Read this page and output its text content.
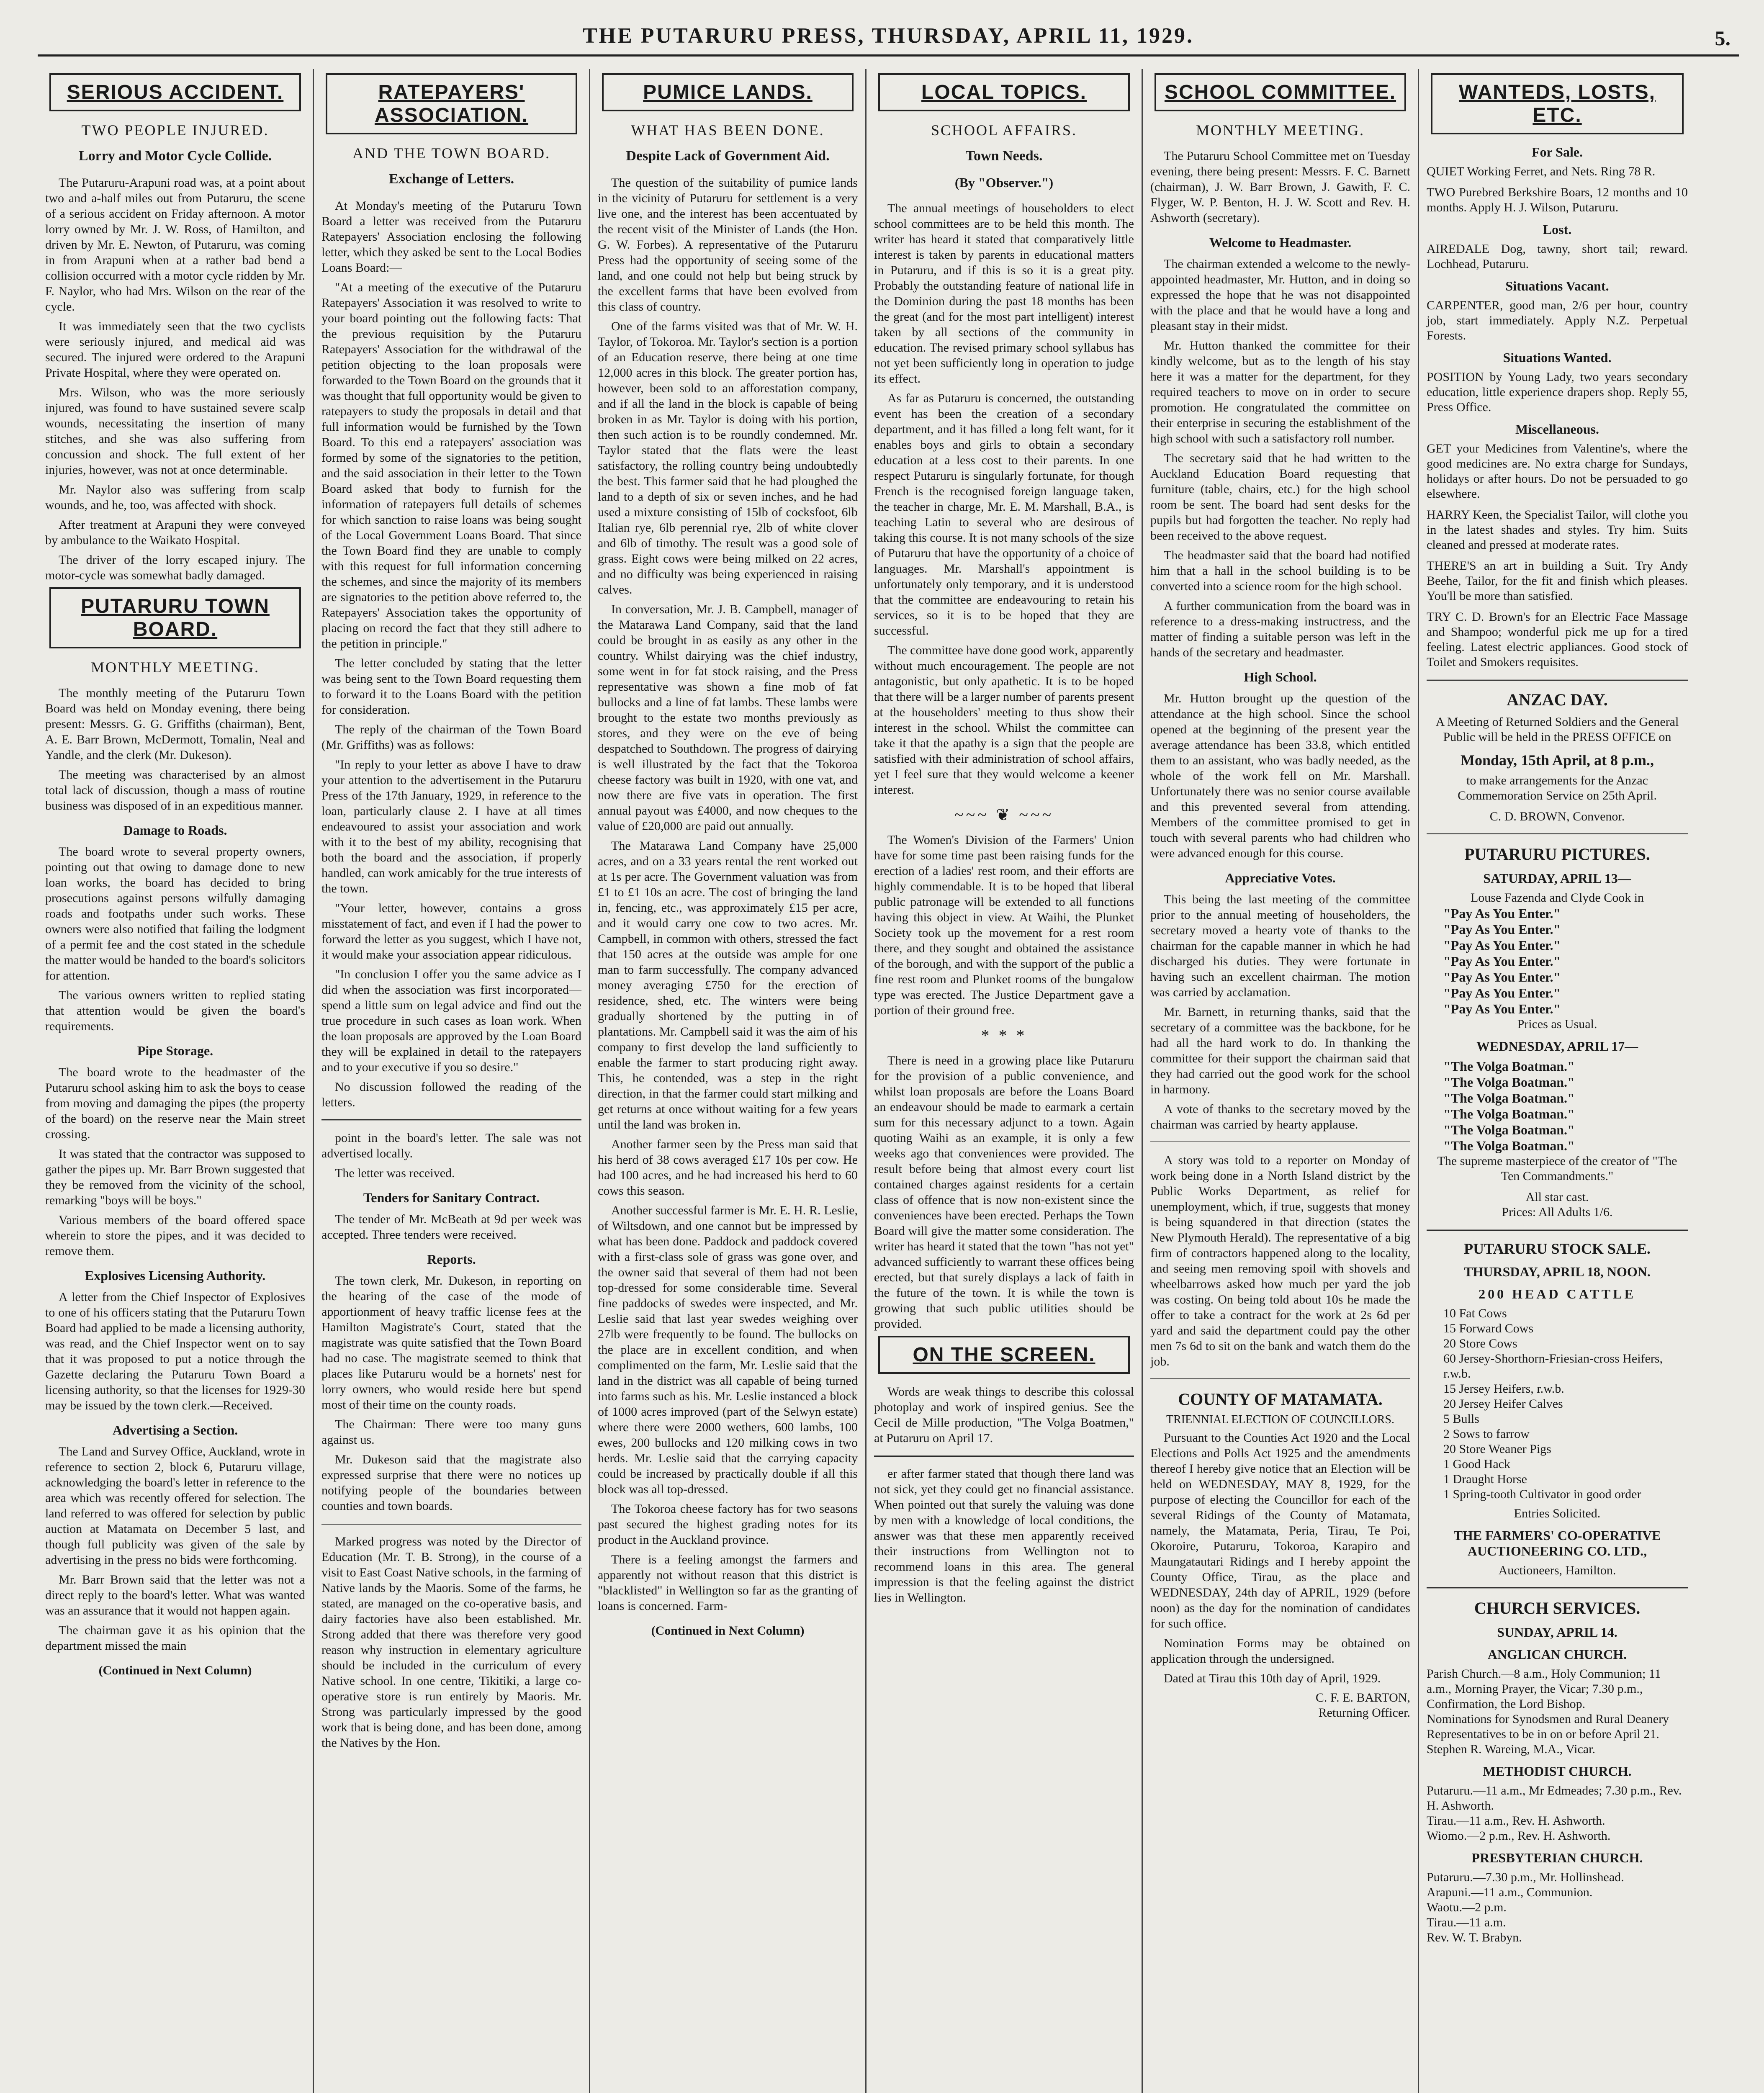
THE PUTARURU PRESS, THURSDAY, APRIL 11, 1929.	5.
SERIOUS ACCIDENT.
TWO PEOPLE INJURED.
Lorry and Motor Cycle Collide.

The Putaruru-Arapuni road was, at a point about two and a-half miles out from Putaruru, the scene of a serious accident on Friday afternoon. A motor lorry owned by Mr. J. W. Ross, of Hamilton, and driven by Mr. E. Newton, of Putaruru, was coming in from Arapuni when at a rather bad bend a collision occurred with a motor cycle ridden by Mr. F. Naylor, who had Mrs. Wilson on the rear of the cycle.

It was immediately seen that the two cyclists were seriously injured, and medical aid was secured. The injured were ordered to the Arapuni Private Hospital, where they were operated on.

Mrs. Wilson, who was the more seriously injured, was found to have sustained severe scalp wounds, necessitating the insertion of many stitches, and she was also suffering from concussion and shock. The full extent of her injuries, however, was not at once determinable.

Mr. Naylor also was suffering from scalp wounds, and he, too, was affected with shock.

After treatment at Arapuni they were conveyed by ambulance to the Waikato Hospital.

The driver of the lorry escaped injury. The motor-cycle was somewhat badly damaged.

PUTARURU TOWN BOARD.
MONTHLY MEETING.

The monthly meeting of the Putaruru Town Board was held on Monday evening, there being present: Messrs. G. G. Griffiths (chairman), Bent, A. E. Barr Brown, McDermott, Tomalin, Neal and Yandle, and the clerk (Mr. Dukeson).

The meeting was characterised by an almost total lack of discussion, though a mass of routine business was disposed of in an expeditious manner.

Damage to Roads.

The board wrote to several property owners, pointing out that owing to damage done to new loan works, the board has decided to bring prosecutions against persons wilfully damaging roads and footpaths under such works. These owners were also notified that failing the lodgment of a permit fee and the cost stated in the schedule the matter would be handed to the board's solicitors for attention.

The various owners written to replied stating that attention would be given the board's requirements.

Pipe Storage.

The board wrote to the headmaster of the Putaruru school asking him to ask the boys to cease from moving and damaging the pipes (the property of the board) on the reserve near the Main street crossing.

It was stated that the contractor was supposed to gather the pipes up. Mr. Barr Brown suggested that they be removed from the vicinity of the school, remarking "boys will be boys."

Various members of the board offered space wherein to store the pipes, and it was decided to remove them.

Explosives Licensing Authority.

A letter from the Chief Inspector of Explosives to one of his officers stating that the Putaruru Town Board had applied to be made a licensing authority, was read, and the Chief Inspector went on to say that it was proposed to put a notice through the Gazette declaring the Putaruru Town Board a licensing authority, so that the licenses for 1929-30 may be issued by the town clerk.—Received.

Advertising a Section.

The Land and Survey Office, Auckland, wrote in reference to section 2, block 6, Putaruru village, acknowledging the board's letter in reference to the area which was recently offered for selection. The land referred to was offered for selection by public auction at Matamata on December 5 last, and though full publicity was given of the sale by advertising in the press no bids were forthcoming.

Mr. Barr Brown said that the letter was not a direct reply to the board's letter. What was wanted was an assurance that it would not happen again.

The chairman gave it as his opinion that the department missed the main

(Continued in Next Column)
RATEPAYERS' ASSOCIATION.
AND THE TOWN BOARD.
Exchange of Letters.

At Monday's meeting of the Putaruru Town Board a letter was received from the Putaruru Ratepayers' Association enclosing the following letter, which they asked be sent to the Local Bodies Loans Board:—

"At a meeting of the executive of the Putaruru Ratepayers' Association it was resolved to write to your board pointing out the following facts: That the previous requisition by the Putaruru Ratepayers' Association for the withdrawal of the petition objecting to the loan proposals were forwarded to the Town Board on the grounds that it was thought that full opportunity would be given to ratepayers to study the proposals in detail and that full information would be furnished by the Town Board. To this end a ratepayers' association was formed by some of the signatories to the petition, and the said association in their letter to the Town Board asked that body to furnish for the information of ratepayers full details of schemes for which sanction to raise loans was being sought of the Local Government Loans Board. That since the Town Board find they are unable to comply with this request for full information concerning the schemes, and since the majority of its members are signatories to the petition above referred to, the Ratepayers' Association takes the opportunity of placing on record the fact that they still adhere to the petition in principle."

The letter concluded by stating that the letter was being sent to the Town Board requesting them to forward it to the Loans Board with the petition for consideration.

The reply of the chairman of the Town Board (Mr. Griffiths) was as follows:

"In reply to your letter as above I have to draw your attention to the advertisement in the Putaruru Press of the 17th January, 1929, in reference to the loan, particularly clause 2. I have at all times endeavoured to assist your association and work with it to the best of my ability, recognising that both the board and the association, if properly handled, can work amicably for the true interests of the town.

"Your letter, however, contains a gross misstatement of fact, and even if I had the power to forward the letter as you suggest, which I have not, it would make your association appear ridiculous.

"In conclusion I offer you the same advice as I did when the association was first incorporated—spend a little sum on legal advice and find out the true procedure in such cases as loan work. When the loan proposals are approved by the Loan Board they will be explained in detail to the ratepayers and to your executive if you so desire."

No discussion followed the reading of the letters.

point in the board's letter. The sale was not advertised locally.

The letter was received.

Tenders for Sanitary Contract.

The tender of Mr. McBeath at 9d per week was accepted. Three tenders were received.

Reports.

The town clerk, Mr. Dukeson, in reporting on the hearing of the case of the mode of apportionment of heavy traffic license fees at the Hamilton Magistrate's Court, stated that the magistrate was quite satisfied that the Town Board had no case. The magistrate seemed to think that places like Putaruru would be a hornets' nest for lorry owners, who would reside here but spend most of their time on the county roads.

The Chairman: There were too many guns against us.

Mr. Dukeson said that the magistrate also expressed surprise that there were no notices up notifying people of the boundaries between counties and town boards.

Marked progress was noted by the Director of Education (Mr. T. B. Strong), in the course of a visit to East Coast Native schools, in the farming of Native lands by the Maoris. Some of the farms, he stated, are managed on the co-operative basis, and dairy factories have also been established. Mr. Strong added that there was therefore very good reason why instruction in elementary agriculture should be included in the curriculum of every Native school. In one centre, Tikitiki, a large co-operative store is run entirely by Maoris. Mr. Strong was particularly impressed by the good work that is being done, and has been done, among the Natives by the Hon.

PUMICE LANDS.
WHAT HAS BEEN DONE.
Despite Lack of Government Aid.

The question of the suitability of pumice lands in the vicinity of Putaruru for settlement is a very live one, and the interest has been accentuated by the recent visit of the Minister of Lands (the Hon. G. W. Forbes). A representative of the Putaruru Press had the opportunity of seeing some of the land, and one could not help but being struck by the excellent farms that have been evolved from this class of country.

One of the farms visited was that of Mr. W. H. Taylor, of Tokoroa. Mr. Taylor's section is a portion of an Education reserve, there being at one time 12,000 acres in this block. The greater portion has, however, been sold to an afforestation company, and if all the land in the block is capable of being broken in as Mr. Taylor is doing with his portion, then such action is to be roundly condemned. Mr. Taylor stated that the flats were the least satisfactory, the rolling country being undoubtedly the best. This farmer said that he had ploughed the land to a depth of six or seven inches, and he had used a mixture consisting of 15lb of cocksfoot, 6lb Italian rye, 6lb perennial rye, 2lb of white clover and 6lb of timothy. The result was a good sole of grass. Eight cows were being milked on 22 acres, and no difficulty was being experienced in raising calves.

In conversation, Mr. J. B. Campbell, manager of the Matarawa Land Company, said that the land could be brought in as easily as any other in the country. Whilst dairying was the chief industry, some went in for fat stock raising, and the Press representative was shown a fine mob of fat bullocks and a line of fat lambs. These lambs were brought to the estate two months previously as stores, and they were on the eve of being despatched to Southdown. The progress of dairying is well illustrated by the fact that the Tokoroa cheese factory was built in 1920, with one vat, and now there are five vats in operation. The first annual payout was £4000, and now cheques to the value of £20,000 are paid out annually.

The Matarawa Land Company have 25,000 acres, and on a 33 years rental the rent worked out at 1s per acre. The Government valuation was from £1 to £1 10s an acre. The cost of bringing the land in, fencing, etc., was approximately £15 per acre, and it would carry one cow to two acres. Mr. Campbell, in common with others, stressed the fact that 150 acres at the outside was ample for one man to farm successfully. The company advanced money averaging £750 for the erection of residence, shed, etc. The winters were being gradually shortened by the putting in of plantations. Mr. Campbell said it was the aim of his company to first develop the land sufficiently to enable the farmer to start producing right away. This, he contended, was a step in the right direction, in that the farmer could start milking and get returns at once without waiting for a few years until the land was broken in.

Another farmer seen by the Press man said that his herd of 38 cows averaged £17 10s per cow. He had 100 acres, and he had increased his herd to 60 cows this season.

Another successful farmer is Mr. E. H. R. Leslie, of Wiltsdown, and one cannot but be impressed by what has been done. Paddock and paddock covered with a first-class sole of grass was gone over, and the owner said that several of them had not been top-dressed for some considerable time. Several fine paddocks of swedes were inspected, and Mr. Leslie said that last year swedes weighing over 27lb were frequently to be found. The bullocks on the place are in excellent condition, and when complimented on the farm, Mr. Leslie said that the land in the district was all capable of being turned into farms such as his. Mr. Leslie instanced a block of 1000 acres improved (part of the Selwyn estate) where there were 2000 wethers, 600 lambs, 100 ewes, 200 bullocks and 120 milking cows in two herds. Mr. Leslie said that the carrying capacity could be increased by practically double if all this block was all top-dressed.

The Tokoroa cheese factory has for two seasons past secured the highest grading notes for its product in the Auckland province.

There is a feeling amongst the farmers and apparently not without reason that this district is "blacklisted" in Wellington so far as the granting of loans is concerned. Farm-

(Continued in Next Column)
LOCAL TOPICS.
SCHOOL AFFAIRS.
Town Needs.
(By "Observer.")

The annual meetings of householders to elect school committees are to be held this month. The writer has heard it stated that comparatively little interest is taken by parents in educational matters in Putaruru, and if this is so it is a great pity. Probably the outstanding feature of national life in the Dominion during the past 18 months has been the great (and for the most part intelligent) interest taken by all sections of the community in education. The revised primary school syllabus has not yet been sufficiently long in operation to judge its effect.

As far as Putaruru is concerned, the outstanding event has been the creation of a secondary department, and it has filled a long felt want, for it enables boys and girls to obtain a secondary education at a less cost to their parents. In one respect Putaruru is singularly fortunate, for though French is the recognised foreign language taken, the teacher in charge, Mr. E. M. Marshall, B.A., is teaching Latin to several who are desirous of taking this course. It is not many schools of the size of Putaruru that have the opportunity of a choice of languages. Mr. Marshall's appointment is unfortunately only temporary, and it is understood that the committee are endeavouring to retain his services, so it is to be hoped that they are successful.

The committee have done good work, apparently without much encouragement. The people are not antagonistic, but only apathetic. It is to be hoped that there will be a larger number of parents present at the householders' meeting to thus show their interest in the school. Whilst the committee can take it that the apathy is a sign that the people are satisfied with their administration of school affairs, yet I feel sure that they would welcome a keener interest.

~~~ ❦ ~~~

The Women's Division of the Farmers' Union have for some time past been raising funds for the erection of a ladies' rest room, and their efforts are highly commendable. It is to be hoped that liberal public patronage will be extended to all functions having this object in view. At Waihi, the Plunket Society took up the movement for a rest room there, and they sought and obtained the assistance of the borough, and with the support of the public a fine rest room and Plunket rooms of the bungalow type was erected. The Justice Department gave a portion of their ground free.

* * *

There is need in a growing place like Putaruru for the provision of a public convenience, and whilst loan proposals are before the Loans Board an endeavour should be made to earmark a certain sum for this necessary adjunct to a town. Again quoting Waihi as an example, it is only a few weeks ago that conveniences were provided. The result before being that almost every court list contained charges against residents for a certain class of offence that is now non-existent since the conveniences have been erected. Perhaps the Town Board will give the matter some consideration. The writer has heard it stated that the town "has not yet" advanced sufficiently to warrant these offices being erected, but that surely displays a lack of faith in the future of the town. It is while the town is growing that such public utilities should be provided.

ON THE SCREEN.

Words are weak things to describe this colossal photoplay and work of inspired genius. See the Cecil de Mille production, "The Volga Boatmen," at Putaruru on April 17.

er after farmer stated that though there land was not sick, yet they could get no financial assistance. When pointed out that surely the valuing was done by men with a knowledge of local conditions, the answer was that these men apparently received their instructions from Wellington not to recommend loans in this area. The general impression is that the feeling against the district lies in Wellington.

SCHOOL COMMITTEE.
MONTHLY MEETING.

The Putaruru School Committee met on Tuesday evening, there being present: Messrs. F. C. Barnett (chairman), J. W. Barr Brown, J. Gawith, F. C. Flyger, W. P. Benton, H. J. W. Scott and Rev. H. Ashworth (secretary).

Welcome to Headmaster.

The chairman extended a welcome to the newly-appointed headmaster, Mr. Hutton, and in doing so expressed the hope that he was not disappointed with the place and that he would have a long and pleasant stay in their midst.

Mr. Hutton thanked the committee for their kindly welcome, but as to the length of his stay here it was a matter for the department, for they required teachers to move on in order to secure promotion. He congratulated the committee on their enterprise in securing the establishment of the high school with such a satisfactory roll number.

The secretary said that he had written to the Auckland Education Board requesting that furniture (table, chairs, etc.) for the high school room be sent. The board had sent desks for the pupils but had forgotten the teacher. No reply had been received to the above request.

The headmaster said that the board had notified him that a hall in the school building is to be converted into a science room for the high school.

A further communication from the board was in reference to a dress-making instructress, and the matter of finding a suitable person was left in the hands of the secretary and headmaster.

High School.

Mr. Hutton brought up the question of the attendance at the high school. Since the school opened at the beginning of the present year the average attendance has been 33.8, which entitled them to an assistant, who was badly needed, as the whole of the work fell on Mr. Marshall. Unfortunately there was no senior course available and this prevented several from attending. Members of the committee promised to get in touch with several parents who had children who were advanced enough for this course.

Appreciative Votes.

This being the last meeting of the committee prior to the annual meeting of householders, the secretary moved a hearty vote of thanks to the chairman for the capable manner in which he had discharged his duties. They were fortunate in having such an excellent chairman. The motion was carried by acclamation.

Mr. Barnett, in returning thanks, said that the secretary of a committee was the backbone, for he had all the hard work to do. In thanking the committee for their support the chairman said that they had carried out the good work for the school in harmony.

A vote of thanks to the secretary moved by the chairman was carried by hearty applause.

A story was told to a reporter on Monday of work being done in a North Island district by the Public Works Department, as relief for unemployment, which, if true, suggests that money is being squandered in that direction (states the New Plymouth Herald). The representative of a big firm of contractors happened along to the locality, and seeing men removing spoil with shovels and wheelbarrows asked how much per yard the job was costing. On being told about 10s he made the offer to take a contract for the work at 2s 6d per yard and said the department could pay the other men 7s 6d to sit on the bank and watch them do the job.

COUNTY OF MATAMATA.
TRIENNIAL ELECTION OF COUNCILLORS.

Pursuant to the Counties Act 1920 and the Local Elections and Polls Act 1925 and the amendments thereof I hereby give notice that an Election will be held on WEDNESDAY, MAY 8, 1929, for the purpose of electing the Councillor for each of the several Ridings of the County of Matamata, namely, the Matamata, Peria, Tirau, Te Poi, Okoroire, Putaruru, Tokoroa, Karapiro and Maungatautari Ridings and I hereby appoint the County Office, Tirau, as the place and WEDNESDAY, 24th day of APRIL, 1929 (before noon) as the day for the nomination of candidates for such office.

Nomination Forms may be obtained on application through the undersigned.

Dated at Tirau this 10th day of April, 1929.

C. F. E. BARTON,
Returning Officer.
WANTEDS, LOSTS, ETC.
For Sale.
QUIET Working Ferret, and Nets. Ring 78 R.
TWO Purebred Berkshire Boars, 12 months and 10 months. Apply H. J. Wilson, Putaruru.
Lost.
AIREDALE Dog, tawny, short tail; reward. Lochhead, Putaruru.
Situations Vacant.
CARPENTER, good man, 2/6 per hour, country job, start immediately. Apply N.Z. Perpetual Forests.
Situations Wanted.
POSITION by Young Lady, two years secondary education, little experience drapers shop. Reply 55, Press Office.
Miscellaneous.
GET your Medicines from Valentine's, where the good medicines are. No extra charge for Sundays, holidays or after hours. Do not be persuaded to go elsewhere.
HARRY Keen, the Specialist Tailor, will clothe you in the latest shades and styles. Try him. Suits cleaned and pressed at moderate rates.
THERE'S an art in building a Suit. Try Andy Beehe, Tailor, for the fit and finish which pleases. You'll be more than satisfied.
TRY C. D. Brown's for an Electric Face Massage and Shampoo; wonderful pick me up for a tired feeling. Latest electric appliances. Good stock of Toilet and Smokers requisites.
ANZAC DAY.
A Meeting of Returned Soldiers and the General Public will be held in the PRESS OFFICE on
Monday, 15th April, at 8 p.m.,
to make arrangements for the Anzac Commemoration Service on 25th April.
C. D. BROWN, Convenor.
PUTARURU PICTURES.
SATURDAY, APRIL 13—
Louse Fazenda and Clyde Cook in
"Pay As You Enter."
"Pay As You Enter."
"Pay As You Enter."
"Pay As You Enter."
"Pay As You Enter."
"Pay As You Enter."
"Pay As You Enter."
Prices as Usual.
WEDNESDAY, APRIL 17—
"The Volga Boatman."
"The Volga Boatman."
"The Volga Boatman."
"The Volga Boatman."
"The Volga Boatman."
"The Volga Boatman."
The supreme masterpiece of the creator of "The Ten Commandments."
All star cast.
Prices: All Adults 1/6.
PUTARURU STOCK SALE.
THURSDAY, APRIL 18, NOON.
200 HEAD CATTLE
10 Fat Cows
15 Forward Cows
20 Store Cows
60 Jersey-Shorthorn-Friesian-cross Heifers, r.w.b.
15 Jersey Heifers, r.w.b.
20 Jersey Heifer Calves
5 Bulls
2 Sows to farrow
20 Store Weaner Pigs
1 Good Hack
1 Draught Horse
1 Spring-tooth Cultivator in good order
Entries Solicited.
THE FARMERS' CO-OPERATIVE AUCTIONEERING CO. LTD.,
Auctioneers, Hamilton.
CHURCH SERVICES.
SUNDAY, APRIL 14.
ANGLICAN CHURCH.
Parish Church.—8 a.m., Holy Communion; 11 a.m., Morning Prayer, the Vicar; 7.30 p.m., Confirmation, the Lord Bishop.
Nominations for Synodsmen and Rural Deanery Representatives to be in on or before April 21.
Stephen R. Wareing, M.A., Vicar.
METHODIST CHURCH.
Putaruru.—11 a.m., Mr Edmeades; 7.30 p.m., Rev. H. Ashworth.
Tirau.—11 a.m., Rev. H. Ashworth.
Wiomo.—2 p.m., Rev. H. Ashworth.
PRESBYTERIAN CHURCH.
Putaruru.—7.30 p.m., Mr. Hollinshead.
Arapuni.—11 a.m., Communion.
Waotu.—2 p.m.
Tirau.—11 a.m.
Rev. W. T. Brabyn.
